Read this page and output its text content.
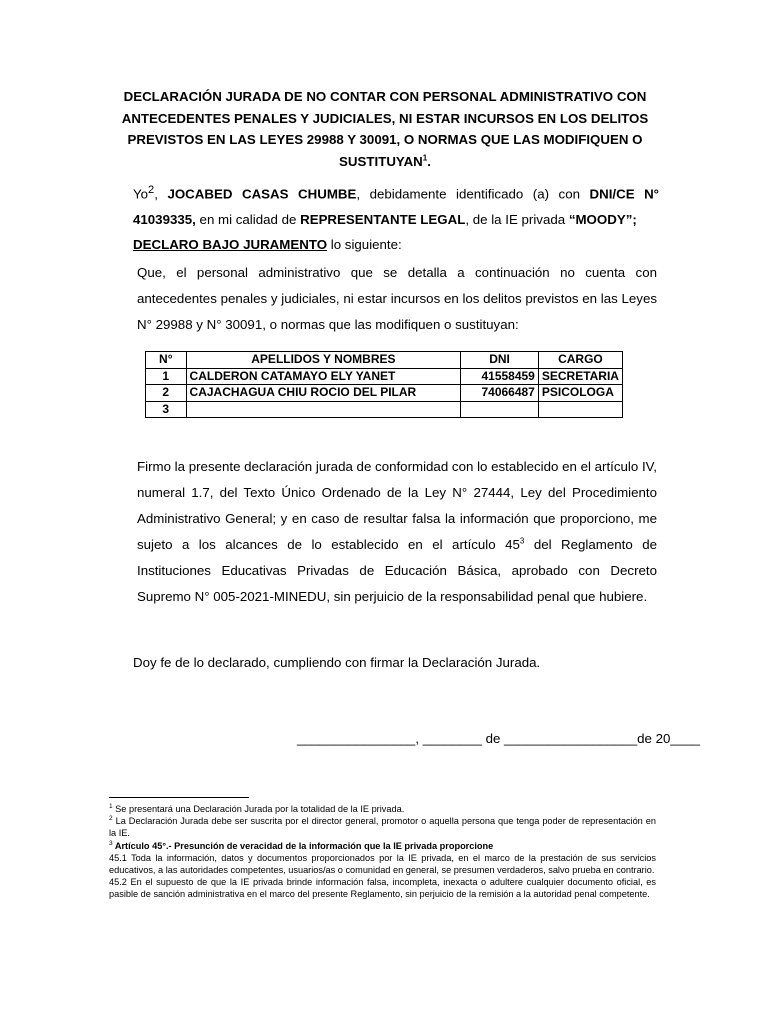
DECLARACIÓN JURADA DE NO CONTAR CON PERSONAL ADMINISTRATIVO CON ANTECEDENTES PENALES Y JUDICIALES, NI ESTAR INCURSOS EN LOS DELITOS PREVISTOS EN LAS LEYES 29988 Y 30091, O NORMAS QUE LAS MODIFIQUEN O SUSTITUYAN$^1$.

Yo$^2$, JOCABED CASAS CHUMBE, debidamente identificado (a) con DNI/CE N° 41039335, en mi calidad de REPRESENTANTE LEGAL, de la IE privada “MOODY”;
DECLARO BAJO JURAMENTO lo siguiente:

Que, el personal administrativo que se detalla a continuación no cuenta con antecedentes penales y judiciales, ni estar incursos en los delitos previstos en las Leyes N° 29988 y N° 30091, o normas que las modifiquen o sustituyan:

N°	APELLIDOS Y NOMBRES	DNI	CARGO
1	CALDERON CATAMAYO ELY YANET	41558459	SECRETARIA
2	CAJACHAGUA CHIU ROCIO DEL PILAR	74066487	PSICOLOGA
3			

Firmo la presente declaración jurada de conformidad con lo establecido en el artículo IV, numeral 1.7, del Texto Único Ordenado de la Ley N° 27444, Ley del Procedimiento Administrativo General; y en caso de resultar falsa la información que proporciono, me sujeto a los alcances de lo establecido en el artículo $45^3$ del Reglamento de Instituciones Educativas Privadas de Educación Básica, aprobado con Decreto Supremo N° 005-2021-MINEDU, sin perjuicio de la responsabilidad penal que hubiere.

Doy fe de lo declarado, cumpliendo con firmar la Declaración Jurada.

________________, ________ de __________________de 20____

$^1$ Se presentará una Declaración Jurada por la totalidad de la IE privada.

$^2$ La Declaración Jurada debe ser suscrita por el director general, promotor o aquella persona que tenga poder de representación en la IE.

$^3$ Artículo 45°.- Presunción de veracidad de la información que la IE privada proporcione

45.1 Toda la información, datos y documentos proporcionados por la IE privada, en el marco de la prestación de sus servicios educativos, a las autoridades competentes, usuarios/as o comunidad en general, se presumen verdaderos, salvo prueba en contrario.

45.2 En el supuesto de que la IE privada brinde información falsa, incompleta, inexacta o adultere cualquier documento oficial, es pasible de sanción administrativa en el marco del presente Reglamento, sin perjuicio de la remisión a la autoridad penal competente.
